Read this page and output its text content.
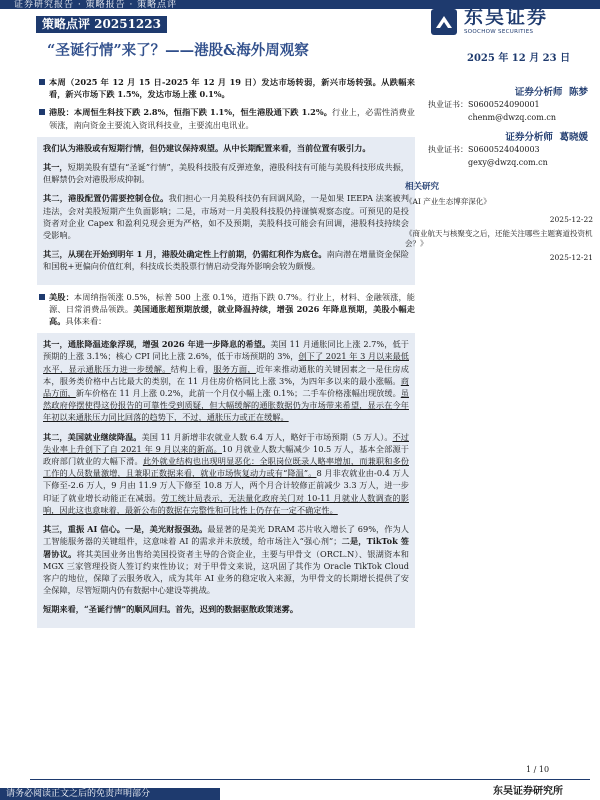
证券研究报告 · 策略报告 · 策略点评
策略点评 20251223	东吴证券
SOOCHOW SECURITIES
“圣诞行情”来了？——港股&海外周观察	2025 年 12 月 23 日
本周（2025 年 12 月 15 日-2025 年 12 月 19 日）发达市场转弱，新兴市场转强。从跌幅来看，新兴市场下跌 1.5%，发达市场上涨 0.1%。
港股：本周恒生科技下跌 2.8%，恒指下跌 1.1%，恒生港股通下跌 1.2%。行业上，必需性消费业领涨，南向资金主要流入资讯科技业，主要流出电讯业。
我们认为港股或有短期行情，但仍建议保持观望。从中长期配置来看，当前位置有吸引力。
其一，短期美股有望有“圣诞”行情”，美股科技股有反弹迹象，港股科技有可能与美股科技形成共振，但解禁仍会对港股形成抑制。
其二，港股配置仍需要控制仓位。我们担心一月美股科技仍有回调风险，一是如果 IEEPA 法案被判违法，会对美股短期产生负面影响；二是，市场对一月美股科技股仍持谨慎观察态度。可预见的是投资者对企业 Capex 和盈利兑现会更为严格，如不及预期，美股科技可能会有回调，港股科技持续会受影响。
其三，从现在开始到明年 1 月，港股处确定性上行前期，仍需红利作为底仓。南向潜在增量资金保险和国税+更偏向价值红利，科技成长类股票行情启动受海外影响会较为颇慢。
美股：本周纳指领涨 0.5%，标普 500 上涨 0.1%，道指下跌 0.7%。行业上，材料、金融领涨，能源、日常消费品领跌。美国通胀超预期放缓，就业降温持续，增强 2026 年降息预期，美股小幅走高。具体来看：
其一，通胀降温迹象浮现，增强 2026 年进一步降息的希望。美国 11 月通胀同比上涨 2.7%，低于预期的上涨 3.1%；核心 CPI 同比上涨 2.6%，低于市场预期的 3%，创下了 2021 年 3 月以来最低水平，显示通胀压力进一步缓解。结构上看，服务方面，近年来推动通胀的关键因素之一是住房成本，服务类价格中占比最大的类别，在 11 月住房价格同比上涨 3%，为四年多以来的最小涨幅。商品方面，新车价格在 11 月上涨 0.2%，此前一个月仅小幅上涨 0.1%；二手车价格涨幅出现放缓。虽然政府停摆使得这份报告的可靠性受到质疑，但大幅缓解的通胀数据仍为市场带来希望，显示在今年年初以来通胀压力同比回落的趋势下，不过，通胀压力或正在缓解。
其二，美国就业继续降温。美国 11 月新增非农就业人数 6.4 万人，略好于市场预期（5 万人）。不过失业率上升创下了自 2021 年 9 月以来的新高。10 月就业人数大幅减少 10.5 万人，基本全部源于政府部门就业的大幅下滑。此外就业结构也出现明显恶化：全职岗位既录人略率增加，而兼职和多份工作的人员数量激增，且兼职正数据来看，就业市场恢复动力或有“降温”。8 月非农就业由-0.4 万人下修至-2.6 万人，9 月由 11.9 万人下修至 10.8 万人，两个月合计较修正前减少 3.3 万人，进一步印证了就业增长动能正在减弱。劳工统计局表示，无法量化政府关门对 10-11 月就业人数调查的影响，因此这也意味着，最新公布的数据在完整性和可比性上仍存在一定不确定性。
其三，重振 AI 信心。一是，美光财报强劲。最显著的是美光 DRAM 芯片收入增长了 69%，作为人工智能服务器的关键组件，这意味着 AI 的需求并未放缓，给市场注入“强心剂”；二是，TikTok 签署协议。将其美国业务出售给美国投资者主导的合资企业，主要与甲骨文（ORCL.N）、银湖资本和 MGX 三家管理投资人签订约束性协议；对于甲骨文来说，这巩固了其作为 Oracle TikTok Cloud 客户的地位，保障了云服务收入，成为其年 AI 业务的稳定收入来源，为甲骨文的长期增长提供了安全保障，尽管短期内仍有数据中心建设等挑战。
短期来看，“圣诞行情”的顺风回归。首先，迟到的数据驱散政策迷雾。
证券分析师 陈梦
执业证书：S0600524090001
chenm@dwzq.com.cn
证券分析师 葛晓媛
执业证书：S0600524040003
gexy@dwzq.com.cn
相关研究
《AI 产业生态博弈深化》
2025-12-22
《商业航天与核聚变之后，还能关注哪些主题赛道投资机会？》
2025-12-21
1 / 10
东吴证券研究所
请务必阅读正文之后的免责声明部分
